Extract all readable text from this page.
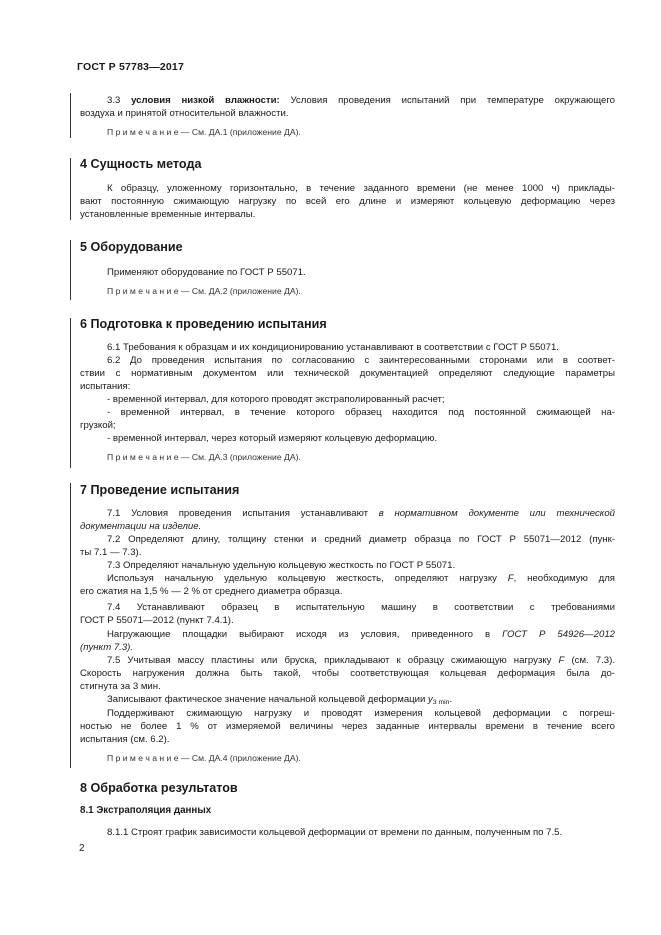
ГОСТ Р 57783—2017
3.3 условия низкой влажности: Условия проведения испытаний при температуре окружающего
воздуха и принятой относительной влажности.
П р и м е ч а н и е — См. ДА.1 (приложение ДА).
4 Сущность метода
К образцу, уложенному горизонтально, в течение заданного времени (не менее 1000 ч) приклады-
вают постоянную сжимающую нагрузку по всей его длине и измеряют кольцевую деформацию через
установленные временные интервалы.
5 Оборудование
Применяют оборудование по ГОСТ Р 55071.
П р и м е ч а н и е — См. ДА.2 (приложение ДА).
6 Подготовка к проведению испытания
6.1 Требования к образцам и их кондиционированию устанавливают в соответствии с ГОСТ Р 55071.
6.2 До проведения испытания по согласованию с заинтересованными сторонами или в соответ-
ствии с нормативным документом или технической документацией определяют следующие параметры
испытания:
- временной интервал, для которого проводят экстраполированный расчет;
- временной интервал, в течение которого образец находится под постоянной сжимающей на-
грузкой;
- временной интервал, через который измеряют кольцевую деформацию.
П р и м е ч а н и е — См. ДА.3 (приложение ДА).
7 Проведение испытания
7.1 Условия проведения испытания устанавливают в нормативном документе или технической
документации на изделие.
7.2 Определяют длину, толщину стенки и средний диаметр образца по ГОСТ Р 55071—2012 (пунк-
ты 7.1 — 7.3).
7.3 Определяют начальную удельную кольцевую жесткость по ГОСТ Р 55071.
Используя начальную удельную кольцевую жесткость, определяют нагрузку F, необходимую для
его сжатия на 1,5 % — 2 % от среднего диаметра образца.
7.4 Устанавливают образец в испытательную машину в соответствии с требованиями
ГОСТ Р 55071—2012 (пункт 7.4.1).
Нагружающие площадки выбирают исходя из условия, приведенного в ГОСТ Р 54926—2012
(пункт 7.3).
7.5 Учитывая массу пластины или бруска, прикладывают к образцу сжимающую нагрузку F (см. 7.3).
Скорость нагружения должна быть такой, чтобы соответствующая кольцевая деформация была до-
стигнута за 3 мин.
Записывают фактическое значение начальной кольцевой деформации $y_{3 min}$.
Поддерживают сжимающую нагрузку и проводят измерения кольцевой деформации с погреш-
ностью не более 1 % от измеряемой величины через заданные интервалы времени в течение всего
испытания (см. 6.2).
П р и м е ч а н и е — См. ДА.4 (приложение ДА).
8 Обработка результатов
8.1 Экстраполяция данных
8.1.1 Строят график зависимости кольцевой деформации от времени по данным, полученным по 7.5.
2
